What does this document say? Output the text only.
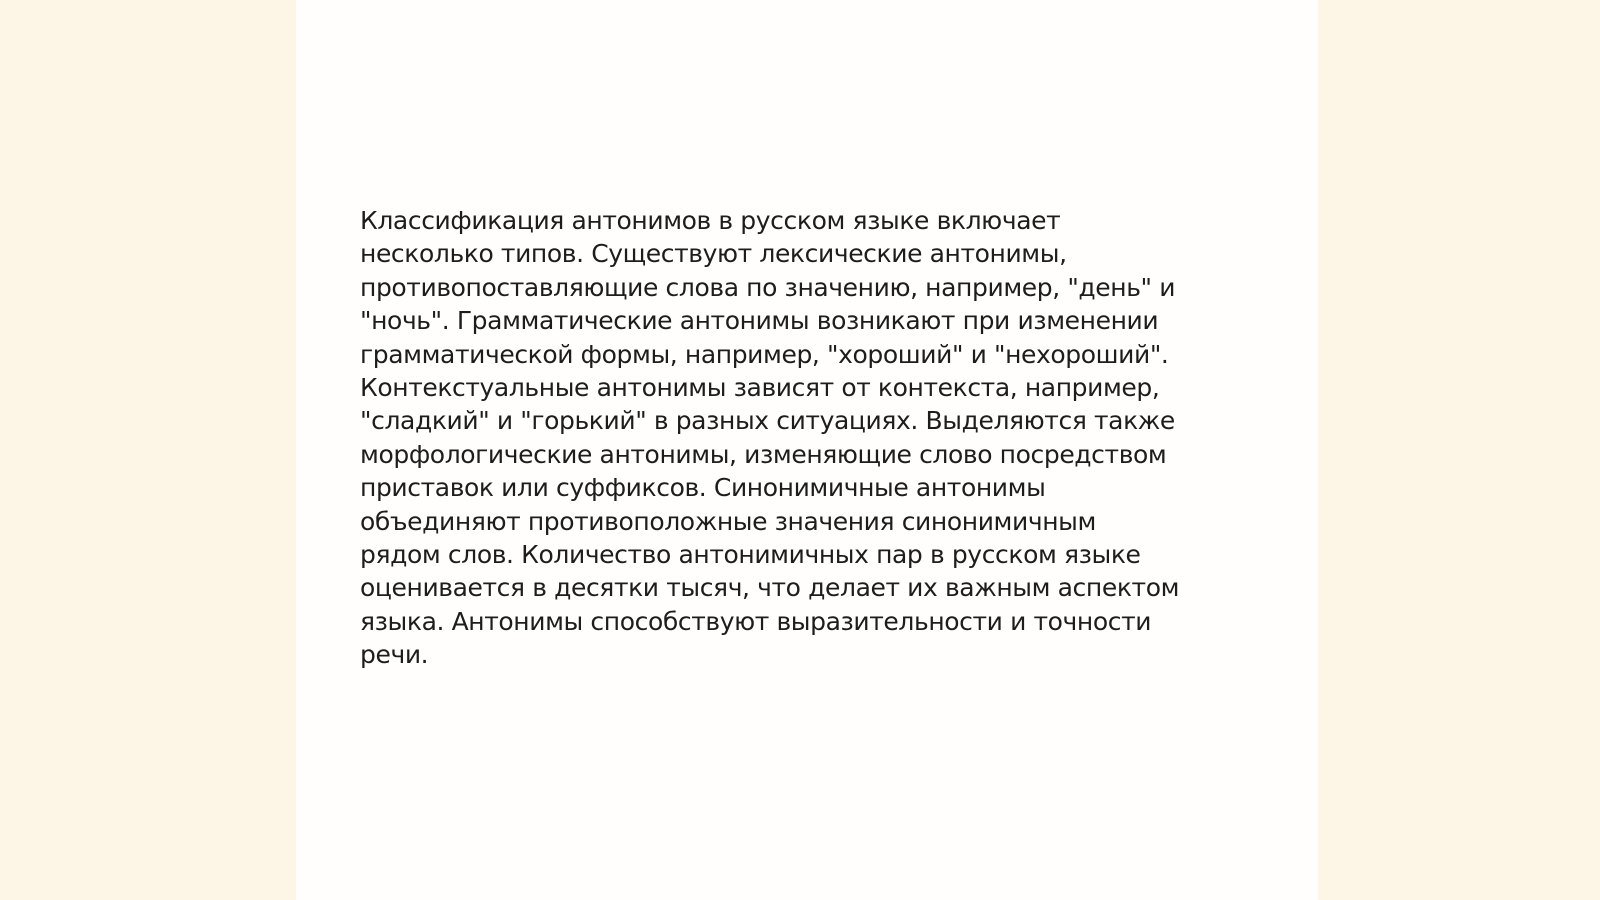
Классификация антонимов в русском языке включает
несколько типов. Существуют лексические антонимы,
противопоставляющие слова по значению, например, "день" и
"ночь". Грамматические антонимы возникают при изменении
грамматической формы, например, "хороший" и "нехороший".
Контекстуальные антонимы зависят от контекста, например,
"сладкий" и "горький" в разных ситуациях. Выделяются также
морфологические антонимы, изменяющие слово посредством
приставок или суффиксов. Синонимичные антонимы
объединяют противоположные значения синонимичным
рядом слов. Количество антонимичных пар в русском языке
оценивается в десятки тысяч, что делает их важным аспектом
языка. Антонимы способствуют выразительности и точности
речи.
